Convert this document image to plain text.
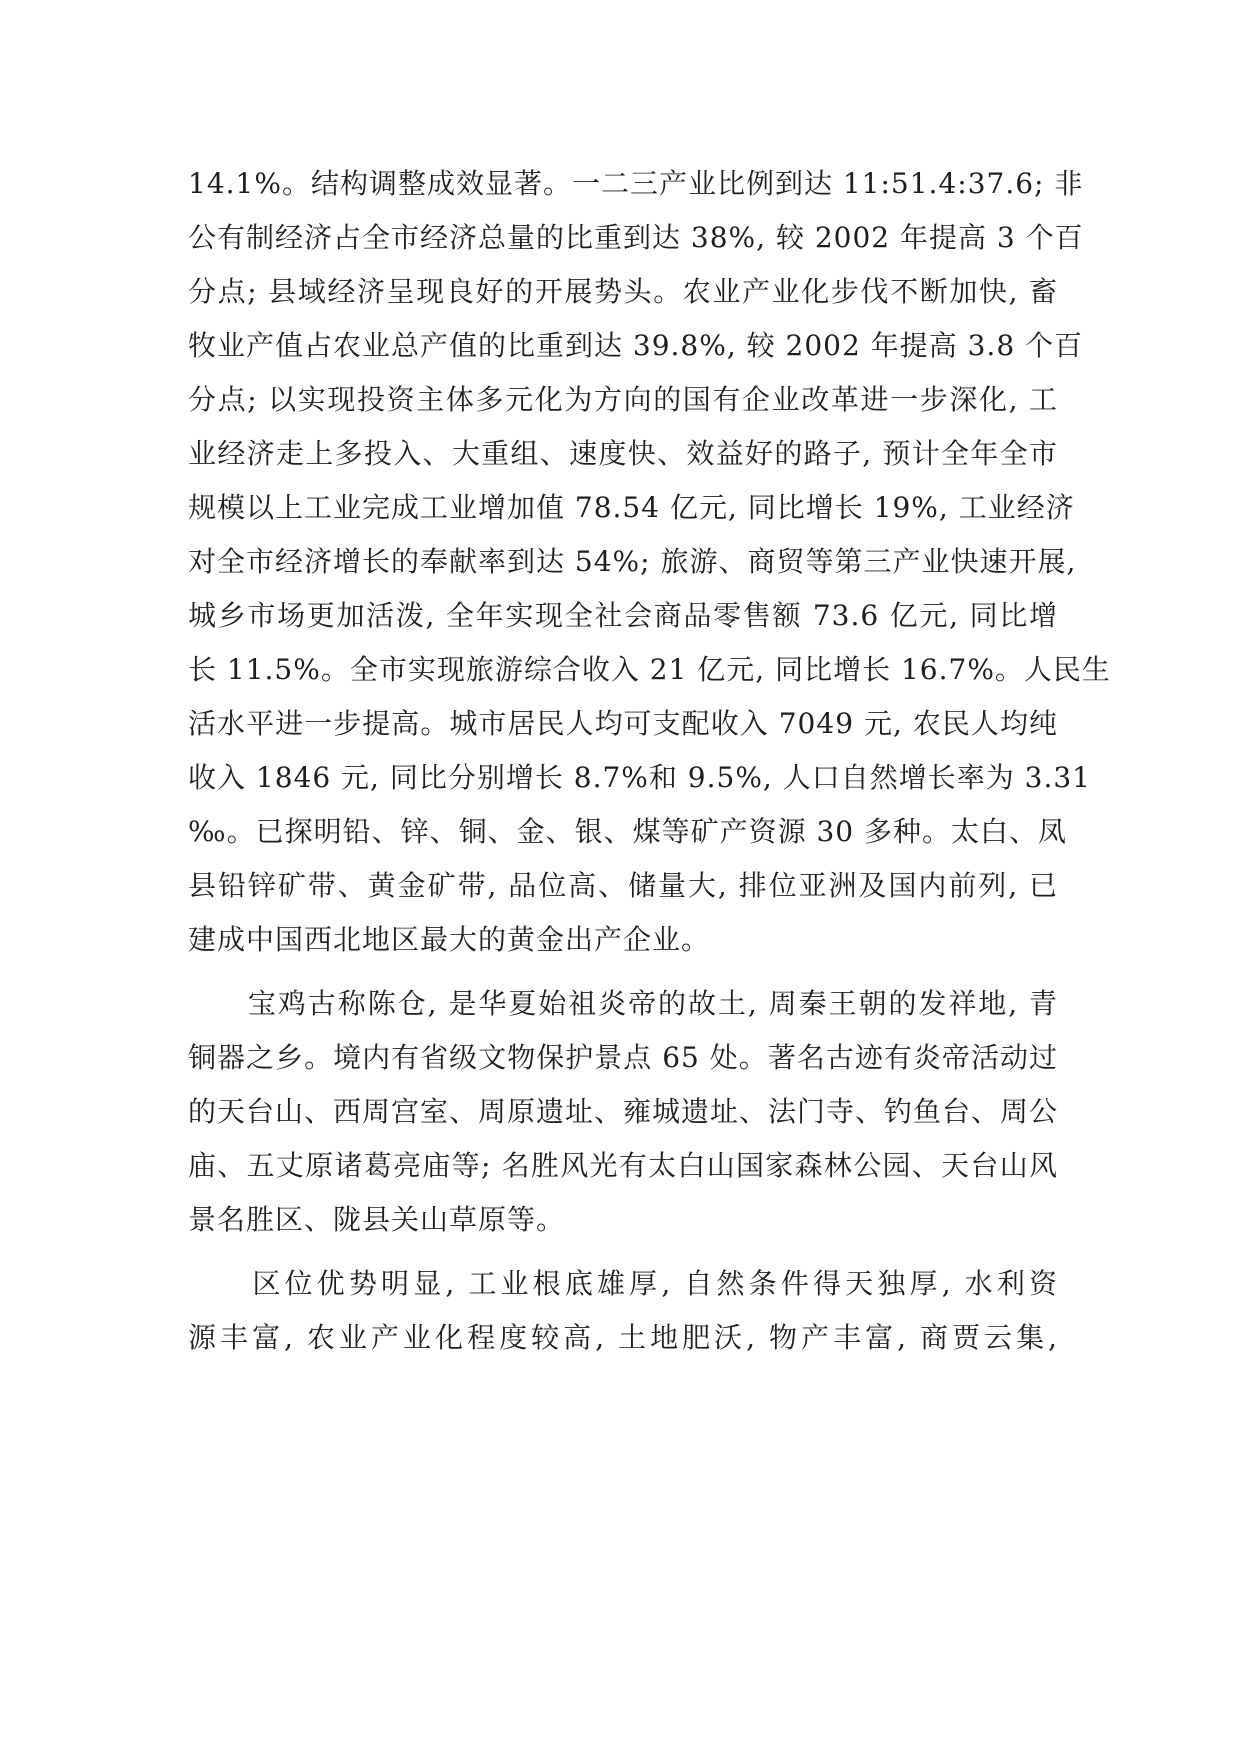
14.1%。结构调整成效显著。一二三产业比例到达 11:51.4:37.6; 非
公有制经济占全市经济总量的比重到达 38%, 较 2002 年提高 3 个百
分点; 县域经济呈现良好的开展势头。农业产业化步伐不断加快, 畜
牧业产值占农业总产值的比重到达 39.8%, 较 2002 年提高 3.8 个百
分点; 以实现投资主体多元化为方向的国有企业改革进一步深化, 工
业经济走上多投入、大重组、速度快、效益好的路子, 预计全年全市
规模以上工业完成工业增加值 78.54 亿元, 同比增长 19%, 工业经济
对全市经济增长的奉献率到达 54%; 旅游、商贸等第三产业快速开展,
城乡市场更加活泼, 全年实现全社会商品零售额 73.6 亿元, 同比增
长 11.5%。全市实现旅游综合收入 21 亿元, 同比增长 16.7%。人民生
活水平进一步提高。城市居民人均可支配收入 7049 元, 农民人均纯
收入 1846 元, 同比分别增长 8.7%和 9.5%, 人口自然增长率为 3.31
‰。已探明铅、锌、铜、金、银、煤等矿产资源 30 多种。太白、凤
县铅锌矿带、黄金矿带, 品位高、储量大, 排位亚洲及国内前列, 已
建成中国西北地区最大的黄金出产企业。
　　宝鸡古称陈仓, 是华夏始祖炎帝的故土, 周秦王朝的发祥地, 青
铜器之乡。境内有省级文物保护景点 65 处。著名古迹有炎帝活动过
的天台山、西周宫室、周原遗址、雍城遗址、法门寺、钓鱼台、周公
庙、五丈原诸葛亮庙等; 名胜风光有太白山国家森林公园、天台山风
景名胜区、陇县关山草原等。
　　区位优势明显, 工业根底雄厚, 自然条件得天独厚, 水利资
源丰富, 农业产业化程度较高, 土地肥沃, 物产丰富, 商贾云集,
